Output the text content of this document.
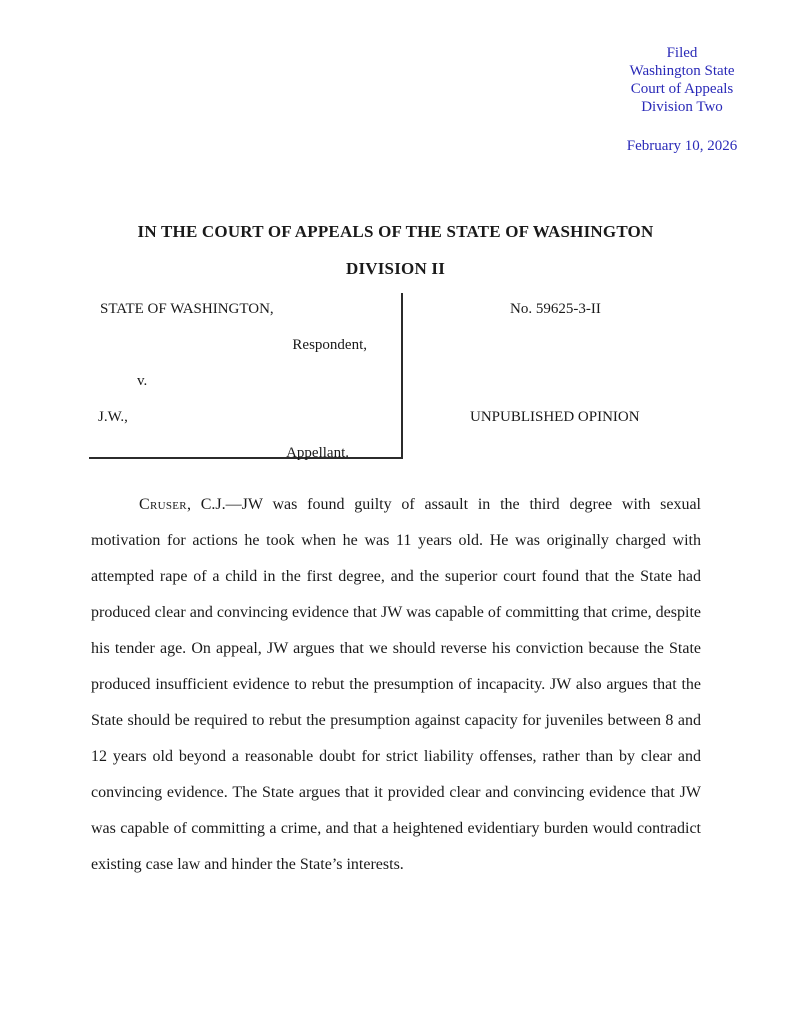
Filed
Washington State
Court of Appeals
Division Two
February 10, 2026
IN THE COURT OF APPEALS OF THE STATE OF WASHINGTON
DIVISION II
STATE OF WASHINGTON,
Respondent,
v.
J.W.,
Appellant.
No. 59625-3-II
UNPUBLISHED OPINION
Cruser, C.J.—JW was found guilty of assault in the third degree with sexual motivation for actions he took when he was 11 years old. He was originally charged with attempted rape of a child in the first degree, and the superior court found that the State had produced clear and convincing evidence that JW was capable of committing that crime, despite his tender age. On appeal, JW argues that we should reverse his conviction because the State produced insufficient evidence to rebut the presumption of incapacity. JW also argues that the State should be required to rebut the presumption against capacity for juveniles between 8 and 12 years old beyond a reasonable doubt for strict liability offenses, rather than by clear and convincing evidence. The State argues that it provided clear and convincing evidence that JW was capable of committing a crime, and that a heightened evidentiary burden would contradict existing case law and hinder the State’s interests.
